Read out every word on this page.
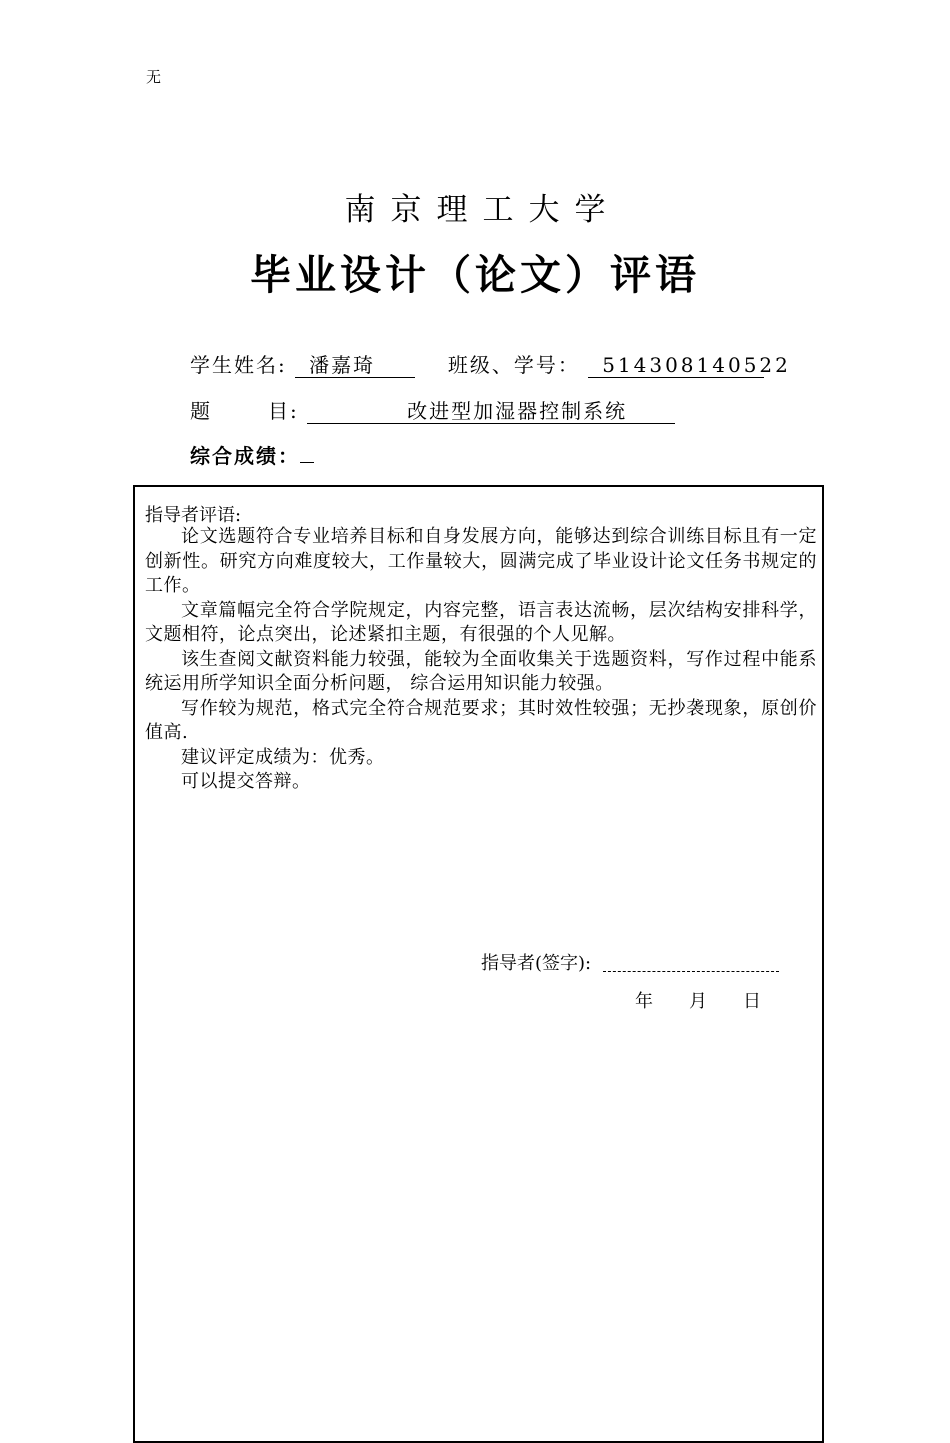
无
南京理工大学
毕业设计（论文）评语
学生姓名: 潘嘉琦	班级、学号： 514308140522
题	目:	改进型加湿器控制系统
综合成绩：
指导者评语:

论文选题符合专业培养目标和自身发展方向，能够达到综合训练目标且有一定创新性。研究方向难度较大，工作量较大，圆满完成了毕业设计论文任务书规定的工作。

文章篇幅完全符合学院规定，内容完整，语言表达流畅，层次结构安排科学，文题相符，论点突出，论述紧扣主题，有很强的个人见解。

该生查阅文献资料能力较强，能较为全面收集关于选题资料，写作过程中能系统运用所学知识全面分析问题， 综合运用知识能力较强。

写作较为规范，格式完全符合规范要求；其时效性较强；无抄袭现象，原创价值高.

建议评定成绩为：优秀。

可以提交答辩。

指导者(签字):
年 月 日
